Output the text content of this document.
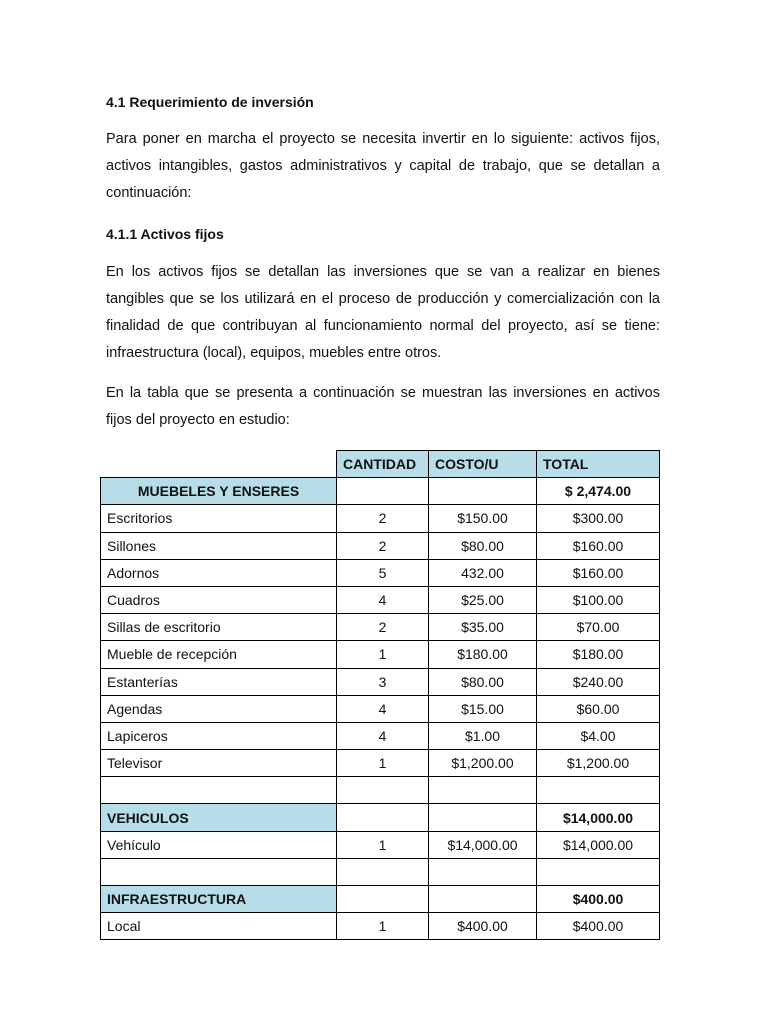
4.1 Requerimiento de inversión

Para poner en marcha el proyecto se necesita invertir en lo siguiente: activos fijos, activos intangibles, gastos administrativos y capital de trabajo, que se detallan a continuación:

4.1.1 Activos fijos

En los activos fijos se detallan las inversiones que se van a realizar en bienes tangibles que se los utilizará en el proceso de producción y comercialización con la finalidad de que contribuyan al funcionamiento normal del proyecto, así se tiene: infraestructura (local), equipos, muebles entre otros.

En la tabla que se presenta a continuación se muestran las inversiones en activos fijos del proyecto en estudio:

	CANTIDAD	COSTO/U	TOTAL
MUEBELES Y ENSERES			$ 2,474.00
Escritorios	2	$150.00	$300.00
Sillones	2	$80.00	$160.00
Adornos	5	432.00	$160.00
Cuadros	4	$25.00	$100.00
Sillas de escritorio	2	$35.00	$70.00
Mueble de recepción	1	$180.00	$180.00
Estanterías	3	$80.00	$240.00
Agendas	4	$15.00	$60.00
Lapiceros	4	$1.00	$4.00
Televisor	1	$1,200.00	$1,200.00

VEHICULOS			$14,000.00
Vehículo	1	$14,000.00	$14,000.00

INFRAESTRUCTURA			$400.00
Local	1	$400.00	$400.00
